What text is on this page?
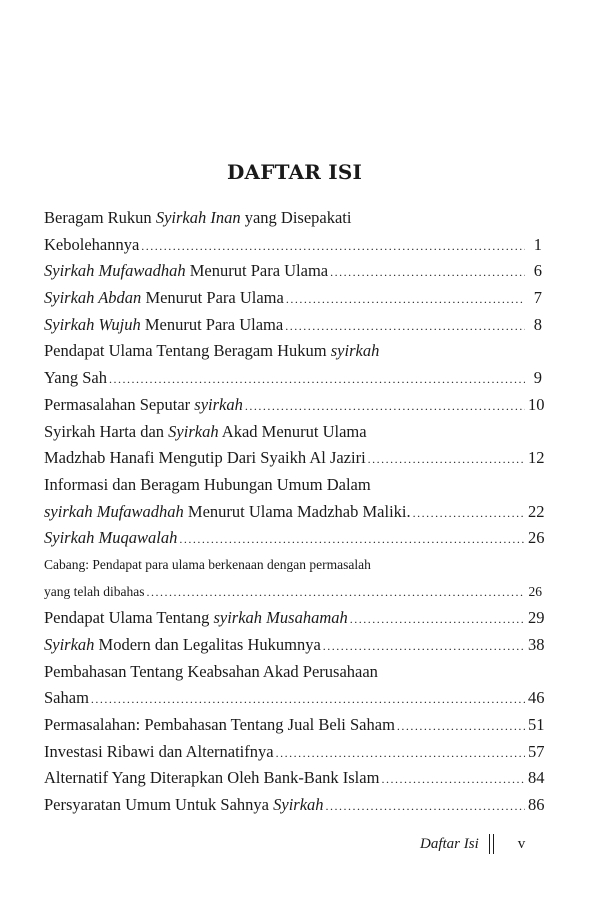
DAFTAR ISI
Beragam Rukun Syirkah Inan yang Disepakati
Kebolehannya .....	1
Syirkah Mufawadhah Menurut Para Ulama .....	6
Syirkah Abdan Menurut Para Ulama .....	7
Syirkah Wujuh Menurut Para Ulama .....	8
Pendapat Ulama Tentang Beragam Hukum syirkah
Yang Sah .....	9
Permasalahan Seputar syirkah .....	10
Syirkah Harta dan Syirkah Akad Menurut Ulama
Madzhab Hanafi Mengutip Dari Syaikh Al Jaziri .....	12
Informasi dan Beragam Hubungan Umum Dalam
syirkah Mufawadhah Menurut Ulama Madzhab Maliki. .....	22
Syirkah Muqawalah .....	26
Cabang: Pendapat para ulama berkenaan dengan permasalah
yang telah dibahas .....	26
Pendapat Ulama Tentang syirkah Musahamah .....	29
Syirkah Modern dan Legalitas Hukumnya .....	38
Pembahasan Tentang Keabsahan Akad Perusahaan
Saham .....	46
Permasalahan: Pembahasan Tentang Jual Beli Saham .....	51
Investasi Ribawi dan Alternatifnya .....	57
Alternatif Yang Diterapkan Oleh Bank-Bank Islam .....	84
Persyaratan Umum Untuk Sahnya Syirkah .....	86
Daftar Isi	v
